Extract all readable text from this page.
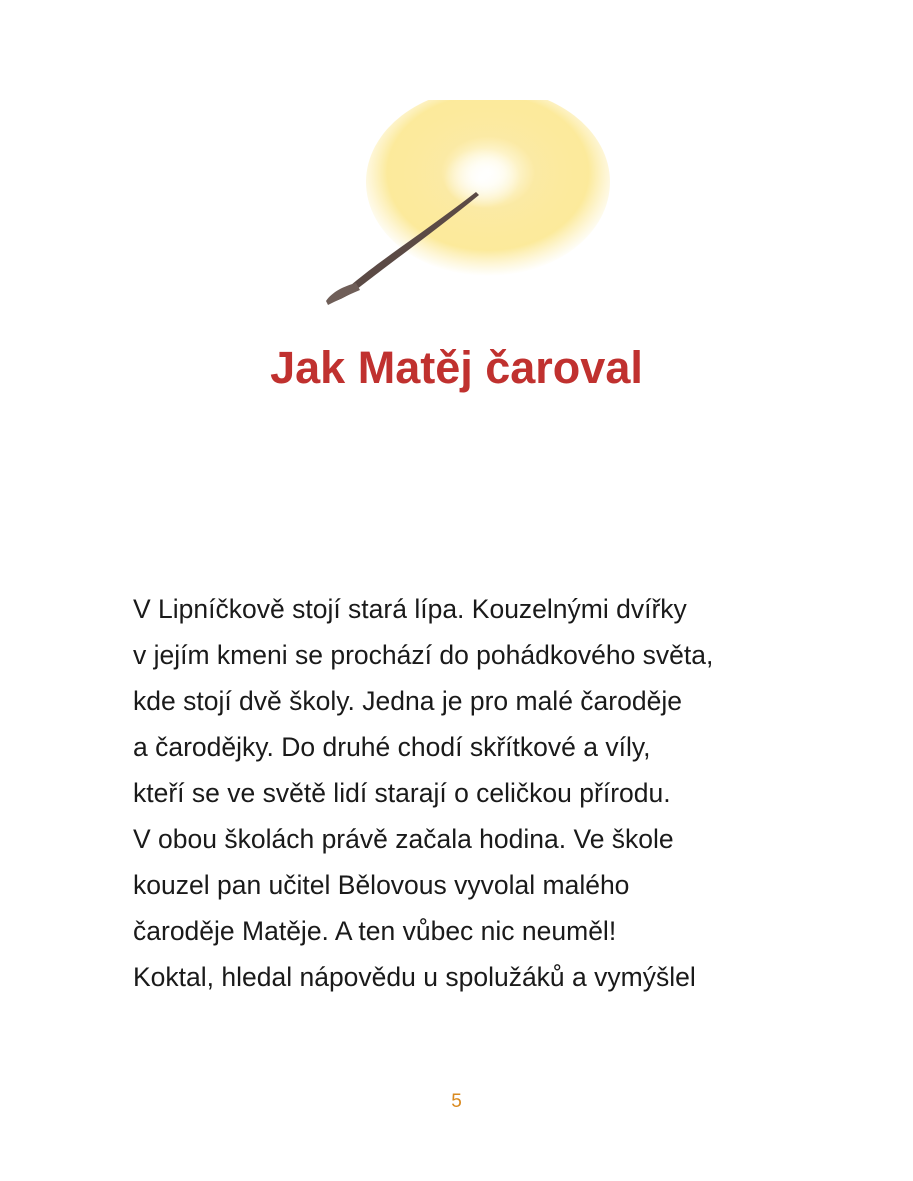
Jak Matěj čaroval
V Lipníčkově stojí stará lípa. Kouzelnými dvířky
v jejím kmeni se prochází do pohádkového světa,
kde stojí dvě školy. Jedna je pro malé čaroděje
a čarodějky. Do druhé chodí skřítkové a víly,
kteří se ve světě lidí starají o celičkou přírodu.
V obou školách právě začala hodina. Ve škole
kouzel pan učitel Bělovous vyvolal malého
čaroděje Matěje. A ten vůbec nic neuměl!
Koktal, hledal nápovědu u spolužáků a vymýšlel
5
